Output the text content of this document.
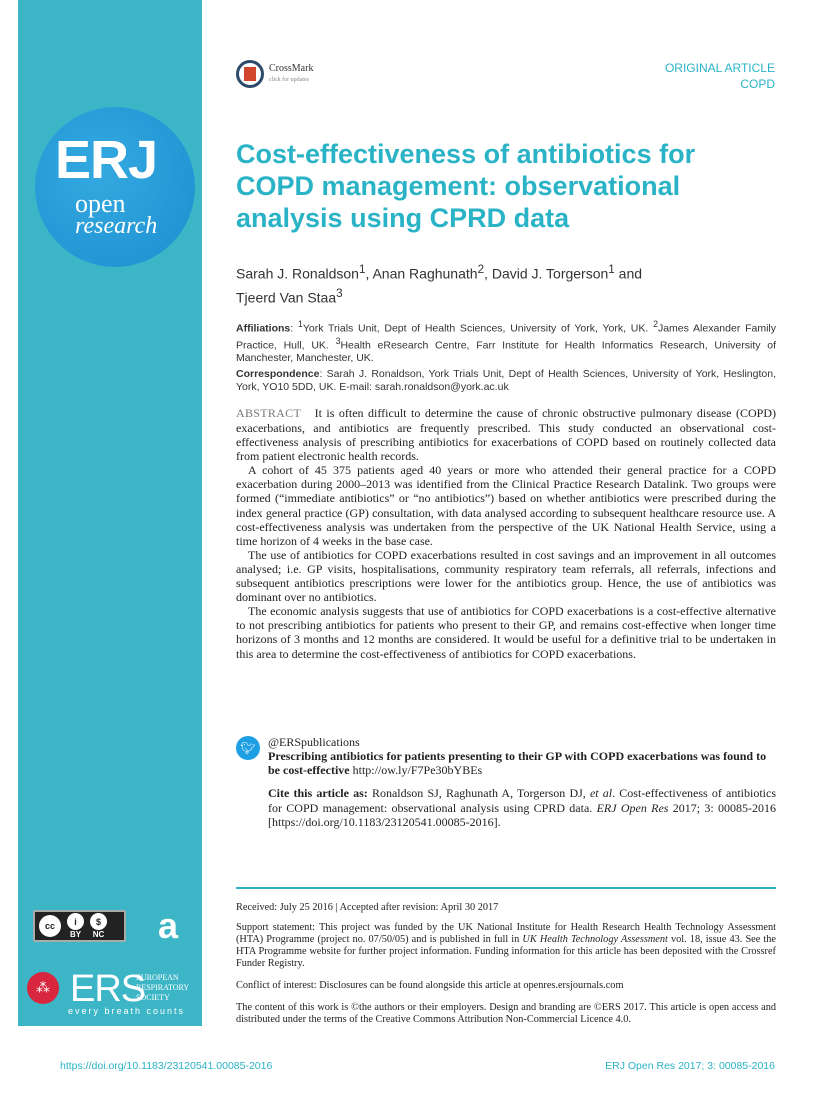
ERJ
open
research
cc	i
BY
$
NC a
⁂ ERS
EUROPEAN
RESPIRATORY
SOCIETY
every breath counts
CrossMark
click for updates
ORIGINAL ARTICLE
COPD
Cost-effectiveness of antibiotics for COPD management: observational analysis using CPRD data
Sarah J. Ronaldson$^1$, Anan Raghunath$^2$, David J. Torgerson$^1$ and
Tjeerd Van Staa$^3$
Affiliations: $^1$York Trials Unit, Dept of Health Sciences, University of York, York, UK. $^2$James Alexander Family Practice, Hull, UK. $^3$Health eResearch Centre, Farr Institute for Health Informatics Research, University of Manchester, Manchester, UK.
Correspondence: Sarah J. Ronaldson, York Trials Unit, Dept of Health Sciences, University of York, Heslington, York, YO10 5DD, UK. E-mail: sarah.ronaldson@york.ac.uk

ABSTRACT It is often difficult to determine the cause of chronic obstructive pulmonary disease (COPD) exacerbations, and antibiotics are frequently prescribed. This study conducted an observational cost-effectiveness analysis of prescribing antibiotics for exacerbations of COPD based on routinely collected data from patient electronic health records.

A cohort of 45 375 patients aged 40 years or more who attended their general practice for a COPD exacerbation during 2000–2013 was identified from the Clinical Practice Research Datalink. Two groups were formed (“immediate antibiotics” or “no antibiotics”) based on whether antibiotics were prescribed during the index general practice (GP) consultation, with data analysed according to subsequent healthcare resource use. A cost-effectiveness analysis was undertaken from the perspective of the UK National Health Service, using a time horizon of 4 weeks in the base case.

The use of antibiotics for COPD exacerbations resulted in cost savings and an improvement in all outcomes analysed; i.e. GP visits, hospitalisations, community respiratory team referrals, all referrals, infections and subsequent antibiotics prescriptions were lower for the antibiotics group. Hence, the use of antibiotics was dominant over no antibiotics.

The economic analysis suggests that use of antibiotics for COPD exacerbations is a cost-effective alternative to not prescribing antibiotics for patients who present to their GP, and remains cost-effective when longer time horizons of 3 months and 12 months are considered. It would be useful for a definitive trial to be undertaken in this area to determine the cost-effectiveness of antibiotics for COPD exacerbations.

🐦︎	@ERSpublications
Prescribing antibiotics for patients presenting to their GP with COPD exacerbations was found to be cost-effective http://ow.ly/F7Pe30bYBEs
Cite this article as: Ronaldson SJ, Raghunath A, Torgerson DJ, et al. Cost-effectiveness of antibiotics for COPD management: observational analysis using CPRD data. ERJ Open Res 2017; 3: 00085-2016 [https://doi.org/10.1183/23120541.00085-2016].
Received: July 25 2016 | Accepted after revision: April 30 2017
Support statement: This project was funded by the UK National Institute for Health Research Health Technology Assessment (HTA) Programme (project no. 07/50/05) and is published in full in UK Health Technology Assessment vol. 18, issue 43. See the HTA Programme website for further project information. Funding information for this article has been deposited with the Crossref Funder Registry.
Conflict of interest: Disclosures can be found alongside this article at openres.ersjournals.com
The content of this work is ©the authors or their employers. Design and branding are ©ERS 2017. This article is open access and distributed under the terms of the Creative Commons Attribution Non-Commercial Licence 4.0.
https://doi.org/10.1183/23120541.00085-2016	ERJ Open Res 2017; 3: 00085-2016
